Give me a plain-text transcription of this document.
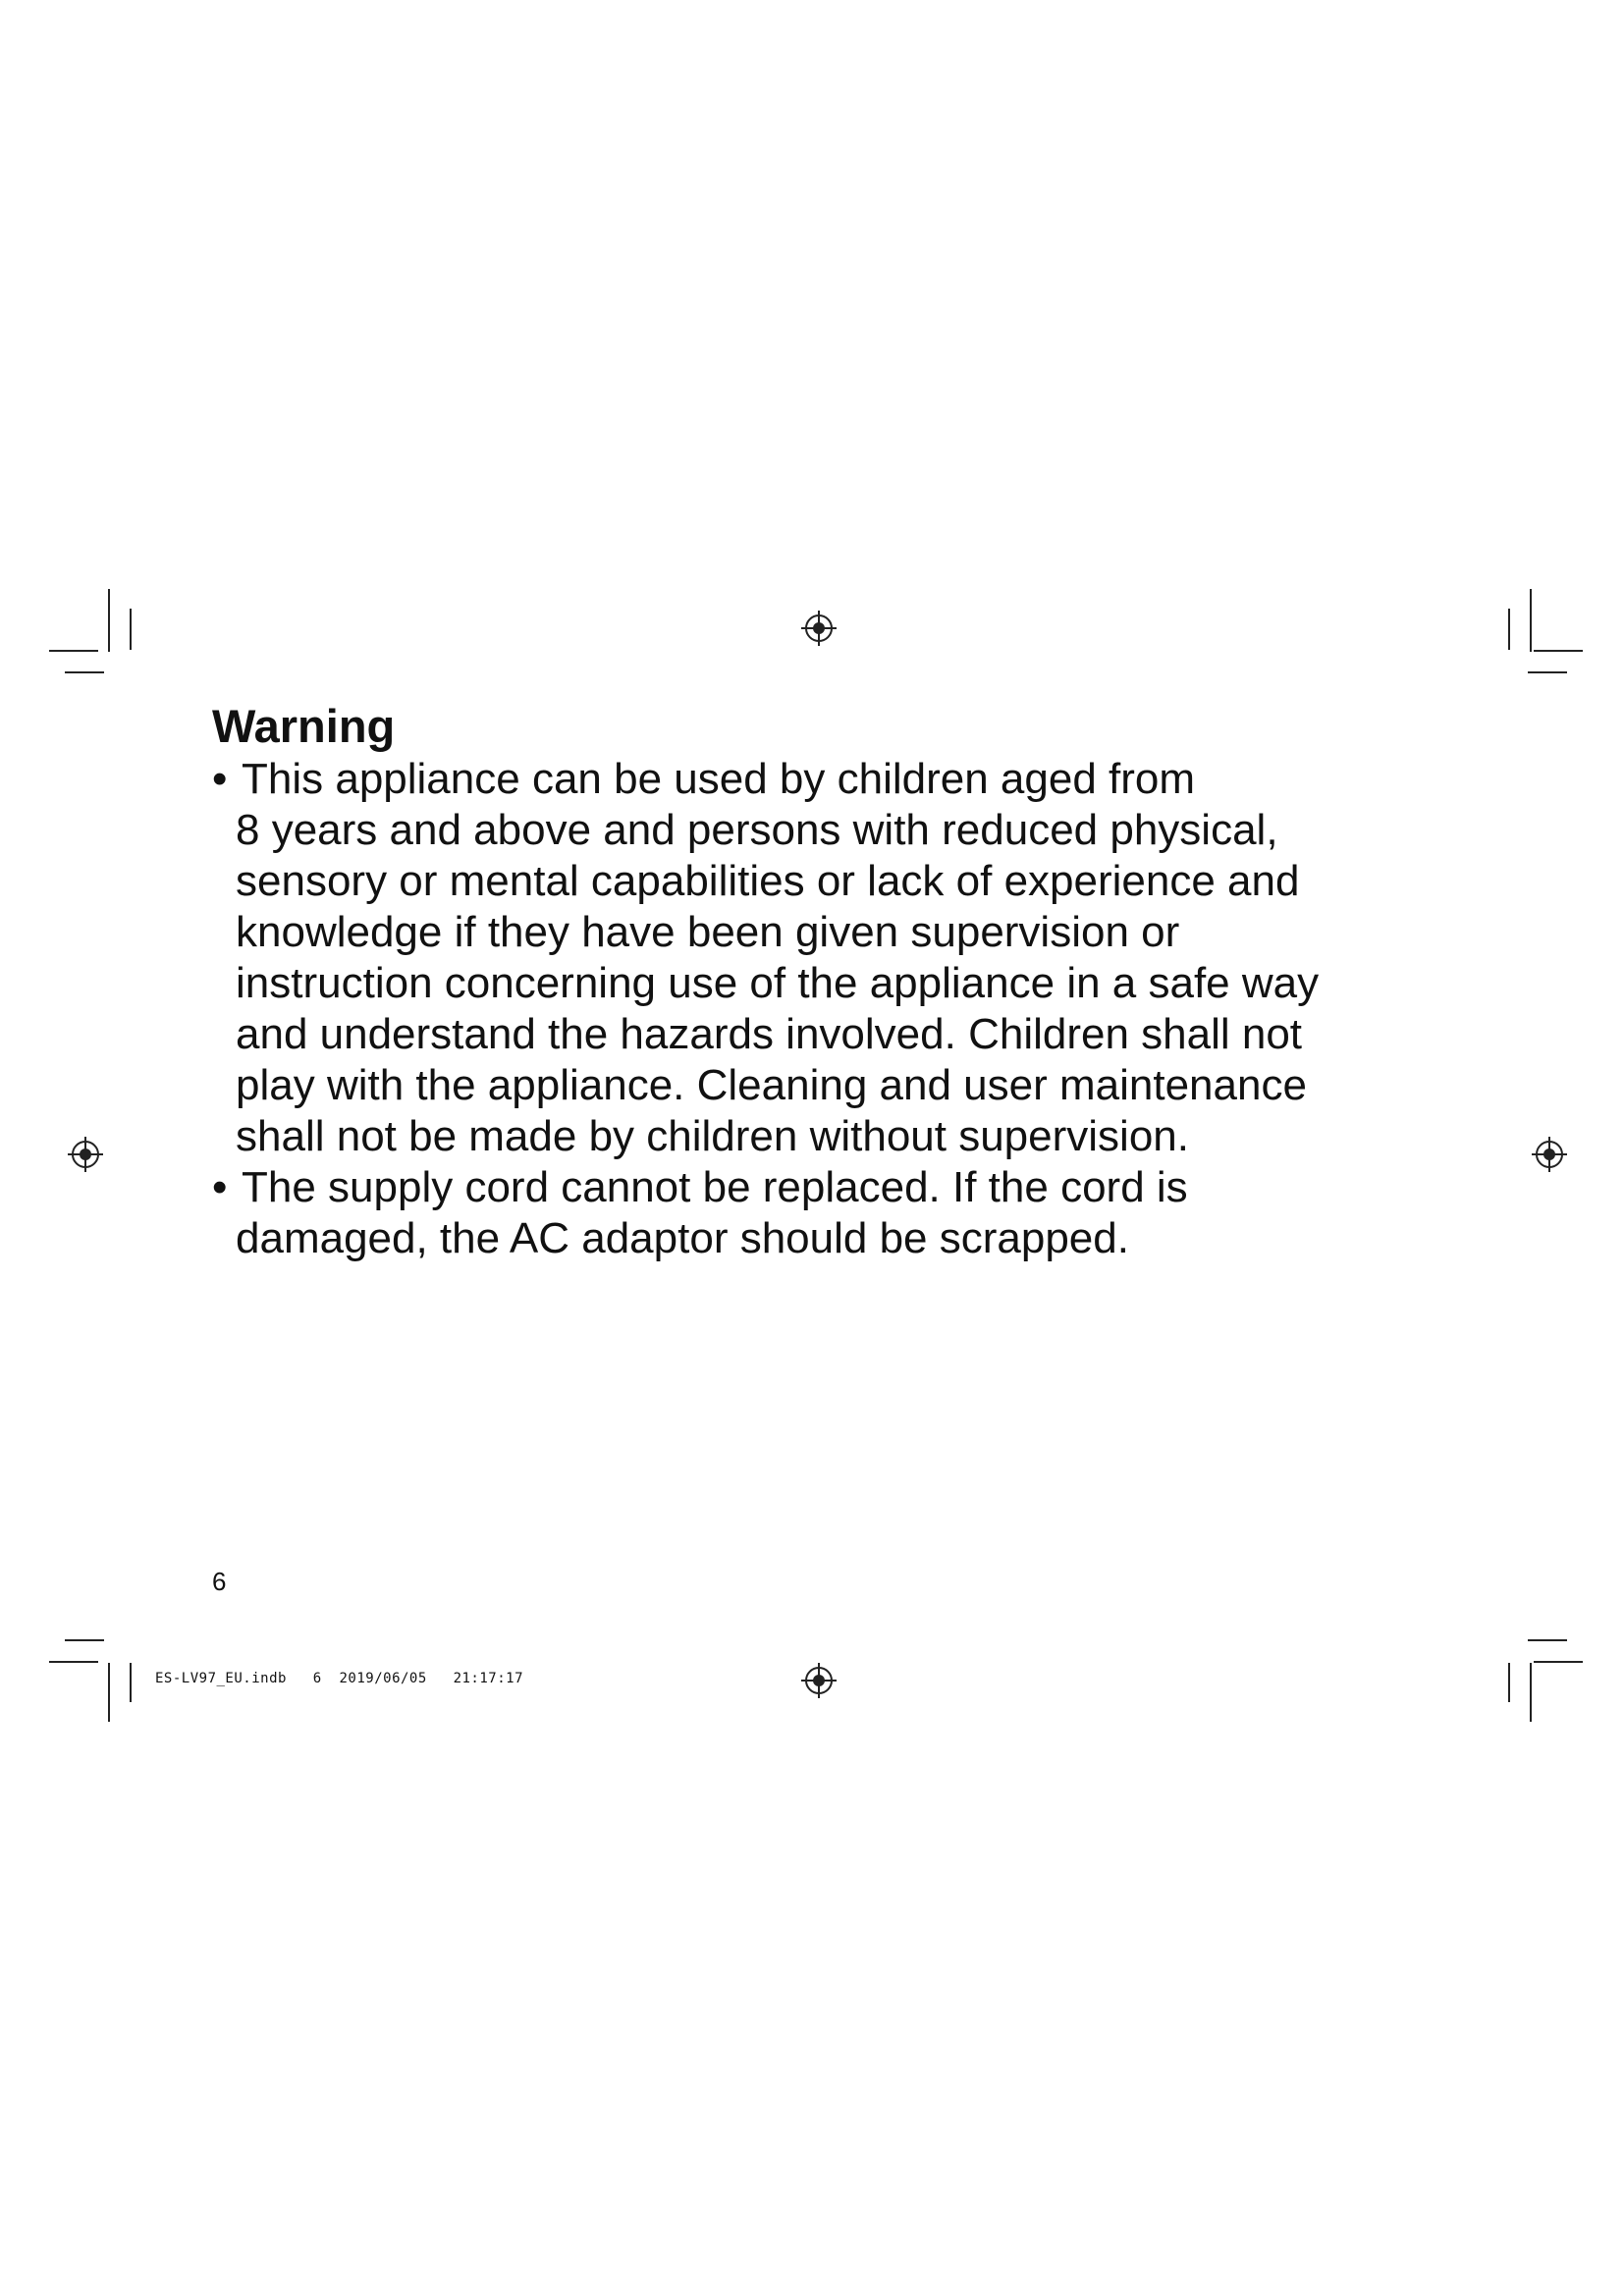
Warning
• This appliance can be used by children aged from
8 years and above and persons with reduced physical,
sensory or mental capabilities or lack of experience and
knowledge if they have been given supervision or
instruction concerning use of the appliance in a safe way
and understand the hazards involved. Children shall not
play with the appliance. Cleaning and user maintenance
shall not be made by children without supervision.
• The supply cord cannot be replaced. If the cord is
damaged, the AC adaptor should be scrapped.
6
ES-LV97_EU.indb   6  2019/06/05   21:17:17
